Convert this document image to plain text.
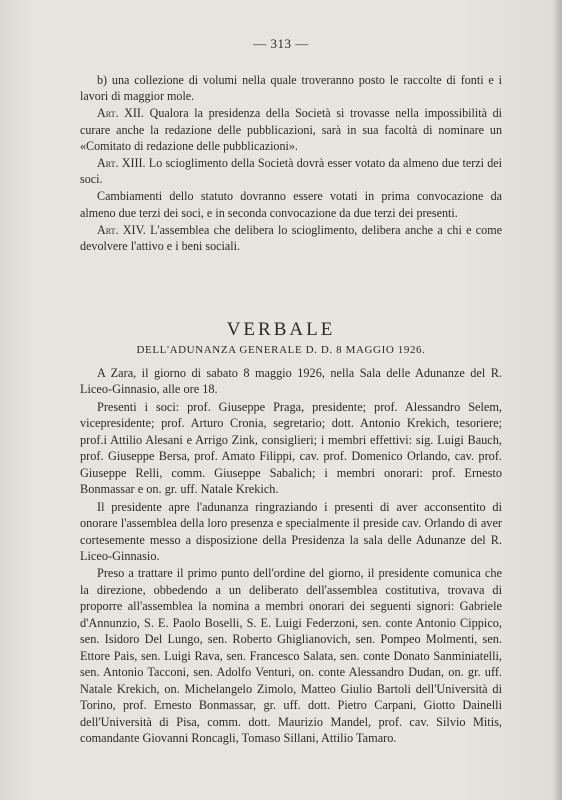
— 313 —

b) una collezione di volumi nella quale troveranno posto le raccolte di fonti e i lavori di maggior mole.

Art. XII. Qualora la presidenza della Società si trovasse nella impossibilità di curare anche la redazione delle pubblicazioni, sarà in sua facoltà di nominare un «Comitato di redazione delle pubblicazioni».

Art. XIII. Lo scioglimento della Società dovrà esser votato da almeno due terzi dei soci.

Cambiamenti dello statuto dovranno essere votati in prima convocazione da almeno due terzi dei soci, e in seconda convocazione da due terzi dei presenti.

Art. XIV. L'assemblea che delibera lo scioglimento, delibera anche a chi e come devolvere l'attivo e i beni sociali.

VERBALE
DELL'ADUNANZA GENERALE D. D. 8 MAGGIO 1926.

A Zara, il giorno di sabato 8 maggio 1926, nella Sala delle Adunanze del R. Liceo-Ginnasio, alle ore 18.

Presenti i soci: prof. Giuseppe Praga, presidente; prof. Alessandro Selem, vicepresidente; prof. Arturo Cronia, segretario; dott. Antonio Krekich, tesoriere; prof.i Attilio Alesani e Arrigo Zink, consiglieri; i membri effettivi: sig. Luigi Bauch, prof. Giuseppe Bersa, prof. Amato Filippi, cav. prof. Domenico Orlando, cav. prof. Giuseppe Relli, comm. Giuseppe Sabalich; i membri onorari: prof. Ernesto Bonmassar e on. gr. uff. Natale Krekich.

Il presidente apre l'adunanza ringraziando i presenti di aver acconsentito di onorare l'assemblea della loro presenza e specialmente il preside cav. Orlando di aver cortesemente messo a disposizione della Presidenza la sala delle Adunanze del R. Liceo-Ginnasio.

Preso a trattare il primo punto dell'ordine del giorno, il presidente comunica che la direzione, obbedendo a un deliberato dell'assemblea costitutiva, trovava di proporre all'assemblea la nomina a membri onorari dei seguenti signori: Gabriele d'Annunzio, S. E. Paolo Boselli, S. E. Luigi Federzoni, sen. conte Antonio Cippico, sen. Isidoro Del Lungo, sen. Roberto Ghiglianovich, sen. Pompeo Molmenti, sen. Ettore Pais, sen. Luigi Rava, sen. Francesco Salata, sen. conte Donato Sanminiatelli, sen. Antonio Tacconi, sen. Adolfo Venturi, on. conte Alessandro Dudan, on. gr. uff. Natale Krekich, on. Michelangelo Zimolo, Matteo Giulio Bartoli dell'Università di Torino, prof. Ernesto Bonmassar, gr. uff. dott. Pietro Carpani, Giotto Dainelli dell'Università di Pisa, comm. dott. Maurizio Mandel, prof. cav. Silvio Mitis, comandante Giovanni Roncagli, Tomaso Sillani, Attilio Tamaro.
